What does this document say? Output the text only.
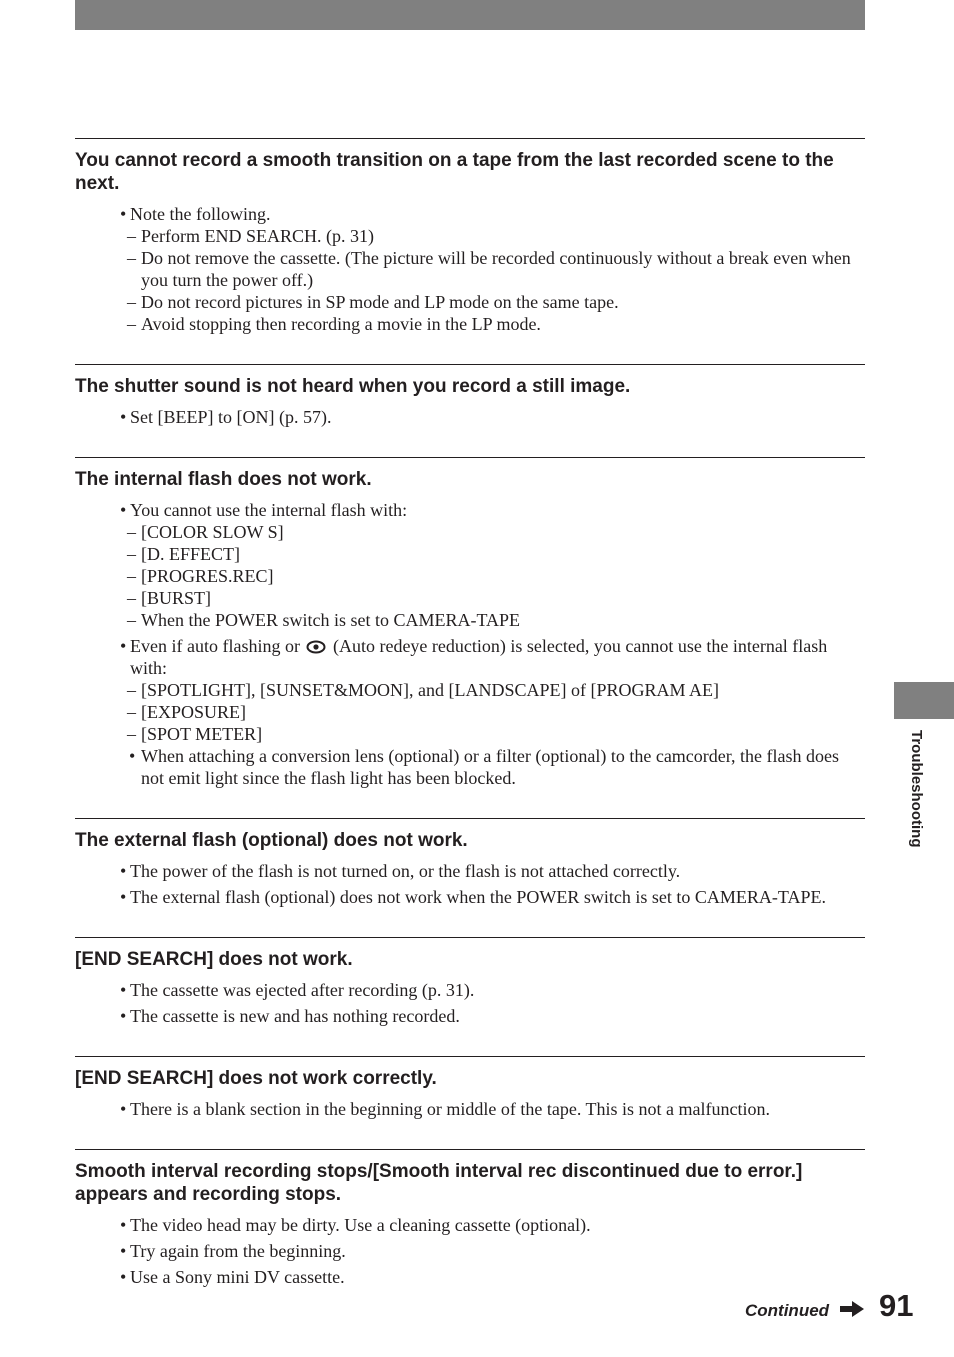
Troubleshooting
You cannot record a smooth transition on a tape from the last recorded scene to the next.
• Note the following.
– Perform END SEARCH. (p. 31)
– Do not remove the cassette. (The picture will be recorded continuously without a break even when you turn the power off.)
– Do not record pictures in SP mode and LP mode on the same tape.
– Avoid stopping then recording a movie in the LP mode.
The shutter sound is not heard when you record a still image.
• Set [BEEP] to [ON] (p. 57).
The internal flash does not work.
• You cannot use the internal flash with:
– [COLOR SLOW S]
– [D. EFFECT]
– [PROGRES.REC]
– [BURST]
– When the POWER switch is set to CAMERA-TAPE
• Even if auto flashing or (Auto redeye reduction) is selected, you cannot use the internal flash with:
– [SPOTLIGHT], [SUNSET&MOON], and [LANDSCAPE] of [PROGRAM AE]
– [EXPOSURE]
– [SPOT METER]
• When attaching a conversion lens (optional) or a filter (optional) to the camcorder, the flash does not emit light since the flash light has been blocked.
The external flash (optional) does not work.
• The power of the flash is not turned on, or the flash is not attached correctly.
• The external flash (optional) does not work when the POWER switch is set to CAMERA-TAPE.
[END SEARCH] does not work.
• The cassette was ejected after recording (p. 31).
• The cassette is new and has nothing recorded.
[END SEARCH] does not work correctly.
• There is a blank section in the beginning or middle of the tape. This is not a malfunction.
Smooth interval recording stops/[Smooth interval rec discontinued due to error.] appears and recording stops.
• The video head may be dirty. Use a cleaning cassette (optional).
• Try again from the beginning.
• Use a Sony mini DV cassette.
Continued 91
